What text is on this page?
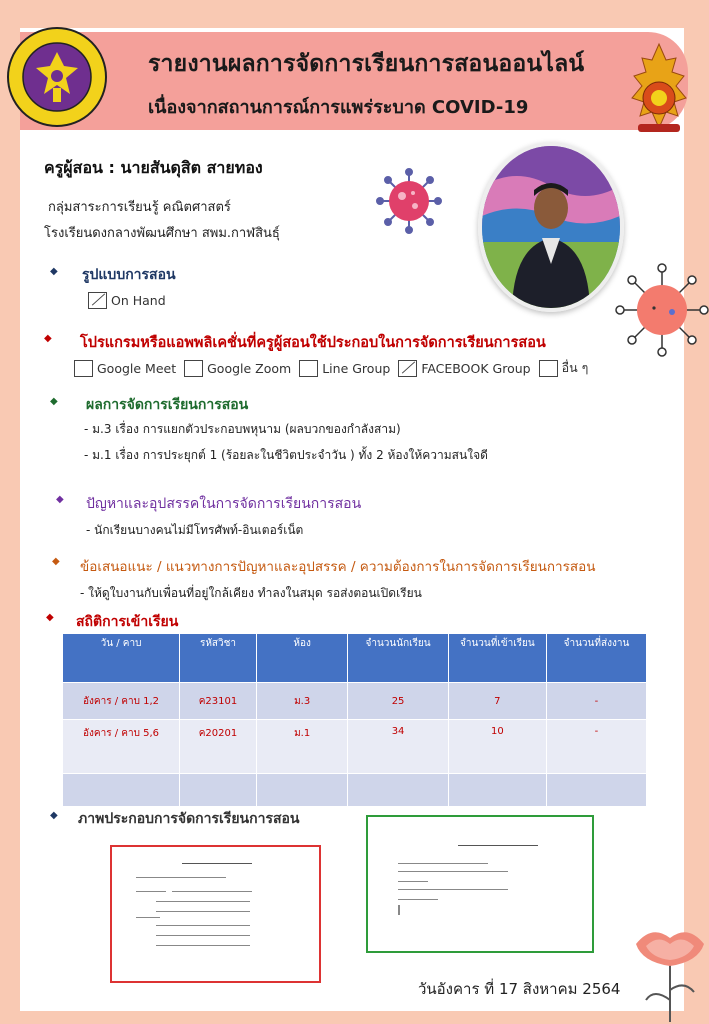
รายงานผลการจัดการเรียนการสอนออนไลน์
เนื่องจากสถานการณ์การแพร่ระบาด COVID-19
ครูผู้สอน : นายสันดุสิต สายทอง
กลุ่มสาระการเรียนรู้ คณิตศาสตร์
โรงเรียนดงกลางพัฒนศึกษา สพม.กาฬสินธุ์
◆ รูปแบบการสอน
On Hand
◆ โปรแกรมหรือแอพพลิเคชั่นที่ครูผู้สอนใช้ประกอบในการจัดการเรียนการสอน
Google Meet Google Zoom Line Group FACEBOOK Group อื่น ๆ
◆ ผลการจัดการเรียนการสอน
- ม.3 เรื่อง การแยกตัวประกอบพหุนาม (ผลบวกของกำลังสาม)
- ม.1 เรื่อง การประยุกต์ 1 (ร้อยละในชีวิตประจำวัน ) ทั้ง 2 ห้องให้ความสนใจดี
◆ ปัญหาและอุปสรรคในการจัดการเรียนการสอน
- นักเรียนบางคนไม่มีโทรศัพท์-อินเตอร์เน็ต
◆ ข้อเสนอแนะ / แนวทางการปัญหาและอุปสรรค / ความต้องการในการจัดการเรียนการสอน
- ให้ดูใบงานกับเพื่อนที่อยู่ใกล้เคียง ทำลงในสมุด รอส่งตอนเปิดเรียน
◆ สถิติการเข้าเรียน
วัน / คาบ	รหัสวิชา	ห้อง	จำนวนนักเรียน	จำนวนที่เข้าเรียน	จำนวนที่ส่งงาน
อังคาร / คาบ 1,2	ค23101	ม.3	25	7	-
อังคาร / คาบ 5,6	ค20201	ม.1	34	10	-

◆ ภาพประกอบการจัดการเรียนการสอน
วันอังคาร ที่ 17 สิงหาคม 2564
